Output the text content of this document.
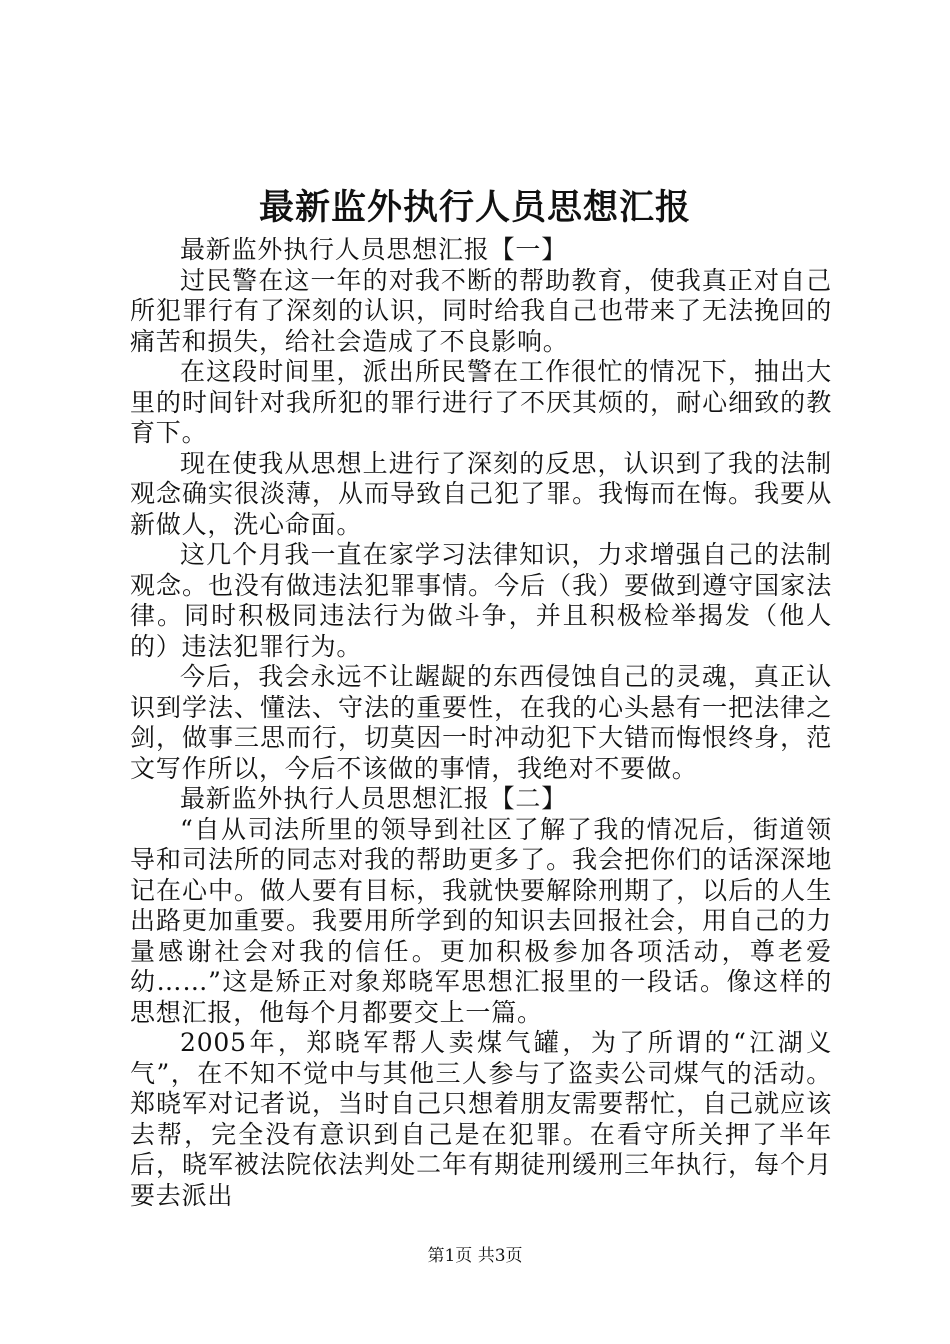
最新监外执行人员思想汇报

最新监外执行人员思想汇报【一】

过民警在这一年的对我不断的帮助教育，使我真正对自己所犯罪行有了深刻的认识，同时给我自己也带来了无法挽回的痛苦和损失，给社会造成了不良影响。

在这段时间里，派出所民警在工作很忙的情况下，抽出大里的时间针对我所犯的罪行进行了不厌其烦的，耐心细致的教育下。

现在使我从思想上进行了深刻的反思，认识到了我的法制观念确实很淡薄，从而导致自己犯了罪。我悔而在悔。我要从新做人，洗心命面。

这几个月我一直在家学习法律知识，力求增强自己的法制观念。也没有做违法犯罪事情。今后（我）要做到遵守国家法律。同时积极同违法行为做斗争，并且积极检举揭发（他人的）违法犯罪行为。

今后，我会永远不让龌龊的东西侵蚀自己的灵魂，真正认识到学法、懂法、守法的重要性，在我的心头悬有一把法律之剑，做事三思而行，切莫因一时冲动犯下大错而悔恨终身，范文写作所以，今后不该做的事情，我绝对不要做。

最新监外执行人员思想汇报【二】

“自从司法所里的领导到社区了解了我的情况后，街道领导和司法所的同志对我的帮助更多了。我会把你们的话深深地记在心中。做人要有目标，我就快要解除刑期了，以后的人生出路更加重要。我要用所学到的知识去回报社会，用自己的力量感谢社会对我的信任。更加积极参加各项活动，尊老爱幼……”这是矫正对象郑晓军思想汇报里的一段话。像这样的思想汇报，他每个月都要交上一篇。

2005年，郑晓军帮人卖煤气罐，为了所谓的“江湖义气”，在不知不觉中与其他三人参与了盗卖公司煤气的活动。郑晓军对记者说，当时自己只想着朋友需要帮忙，自己就应该去帮，完全没有意识到自己是在犯罪。在看守所关押了半年后，晓军被法院依法判处二年有期徒刑缓刑三年执行，每个月要去派出

第1页 共3页
